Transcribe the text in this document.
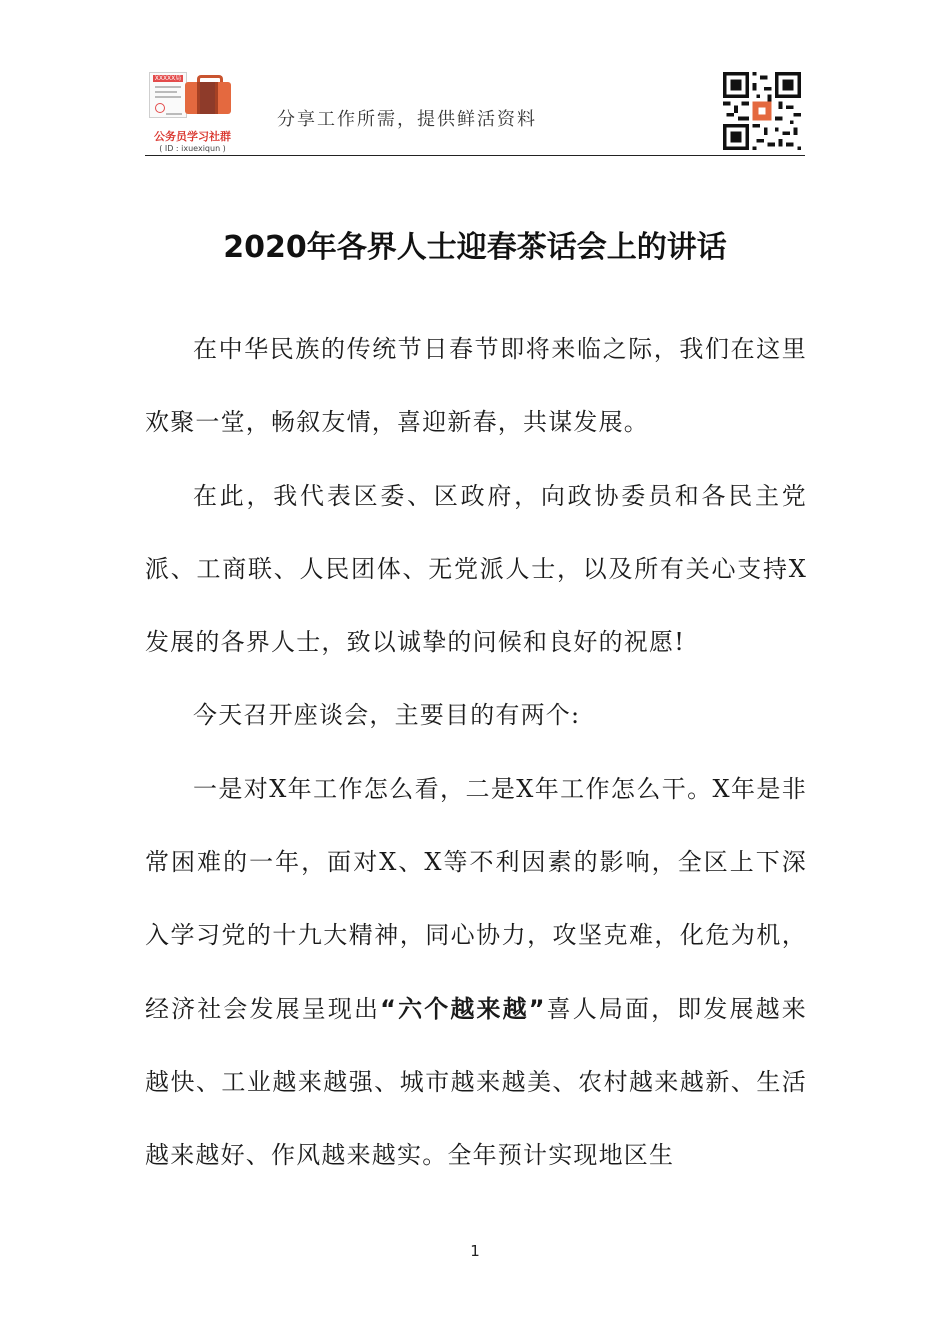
XXXXX局
公务员学习社群
( ID : ixuexiqun )
分享工作所需，提供鲜活资料
2020年各界人士迎春茶话会上的讲话

在中华民族的传统节日春节即将来临之际，我们在这里欢聚一堂，畅叙友情，喜迎新春，共谋发展。

在此，我代表区委、区政府，向政协委员和各民主党派、工商联、人民团体、无党派人士，以及所有关心支持X发展的各界人士，致以诚挚的问候和良好的祝愿!

今天召开座谈会，主要目的有两个:

一是对X年工作怎么看，二是X年工作怎么干。X年是非常困难的一年，面对X、X等不利因素的影响，全区上下深入学习党的十九大精神，同心协力，攻坚克难，化危为机，经济社会发展呈现出“六个越来越”喜人局面，即发展越来越快、工业越来越强、城市越来越美、农村越来越新、生活越来越好、作风越来越实。全年预计实现地区生

1
